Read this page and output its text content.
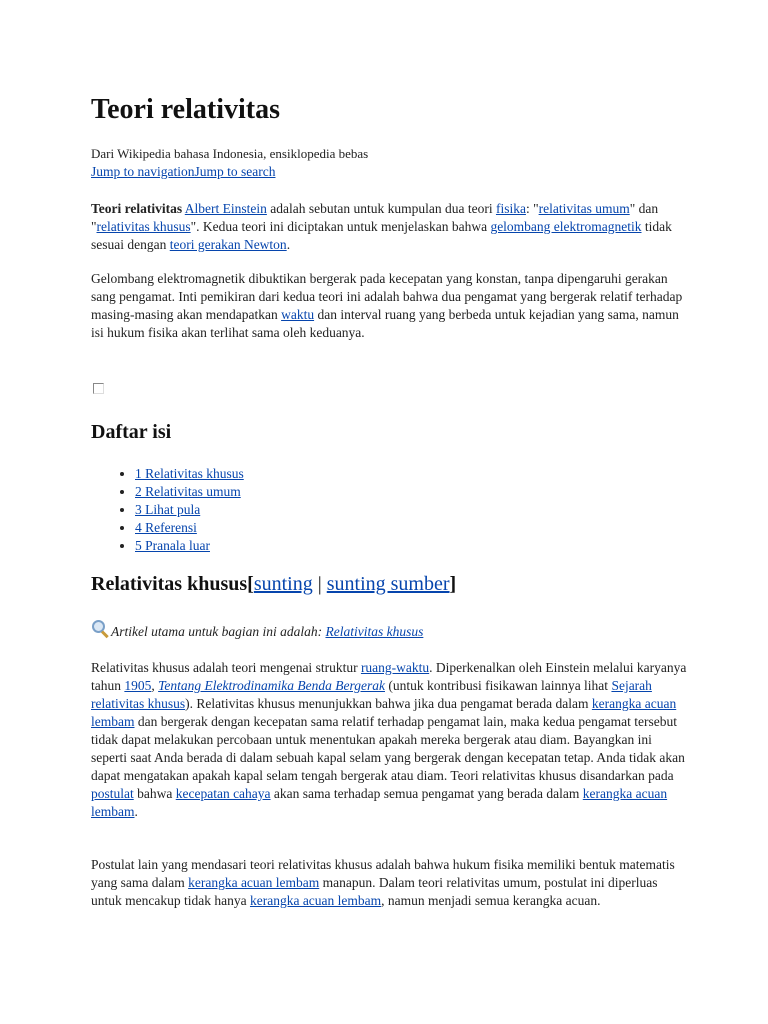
Teori relativitas
Dari Wikipedia bahasa Indonesia, ensiklopedia bebas
Jump to navigationJump to search

Teori relativitas Albert Einstein adalah sebutan untuk kumpulan dua teori fisika: "relativitas umum" dan "relativitas khusus". Kedua teori ini diciptakan untuk menjelaskan bahwa gelombang elektromagnetik tidak sesuai dengan teori gerakan Newton.

Gelombang elektromagnetik dibuktikan bergerak pada kecepatan yang konstan, tanpa dipengaruhi gerakan sang pengamat. Inti pemikiran dari kedua teori ini adalah bahwa dua pengamat yang bergerak relatif terhadap masing-masing akan mendapatkan waktu dan interval ruang yang berbeda untuk kejadian yang sama, namun isi hukum fisika akan terlihat sama oleh keduanya.

Daftar isi
• 1 Relativitas khusus
• 2 Relativitas umum
• 3 Lihat pula
• 4 Referensi
• 5 Pranala luar
Relativitas khusus[sunting | sunting sumber]
Artikel utama untuk bagian ini adalah: Relativitas khusus

Relativitas khusus adalah teori mengenai struktur ruang-waktu. Diperkenalkan oleh Einstein melalui karyanya tahun 1905, Tentang Elektrodinamika Benda Bergerak (untuk kontribusi fisikawan lainnya lihat Sejarah relativitas khusus). Relativitas khusus menunjukkan bahwa jika dua pengamat berada dalam kerangka acuan lembam dan bergerak dengan kecepatan sama relatif terhadap pengamat lain, maka kedua pengamat tersebut tidak dapat melakukan percobaan untuk menentukan apakah mereka bergerak atau diam. Bayangkan ini seperti saat Anda berada di dalam sebuah kapal selam yang bergerak dengan kecepatan tetap. Anda tidak akan dapat mengatakan apakah kapal selam tengah bergerak atau diam. Teori relativitas khusus disandarkan pada postulat bahwa kecepatan cahaya akan sama terhadap semua pengamat yang berada dalam kerangka acuan lembam.

Postulat lain yang mendasari teori relativitas khusus adalah bahwa hukum fisika memiliki bentuk matematis yang sama dalam kerangka acuan lembam manapun. Dalam teori relativitas umum, postulat ini diperluas untuk mencakup tidak hanya kerangka acuan lembam, namun menjadi semua kerangka acuan.
